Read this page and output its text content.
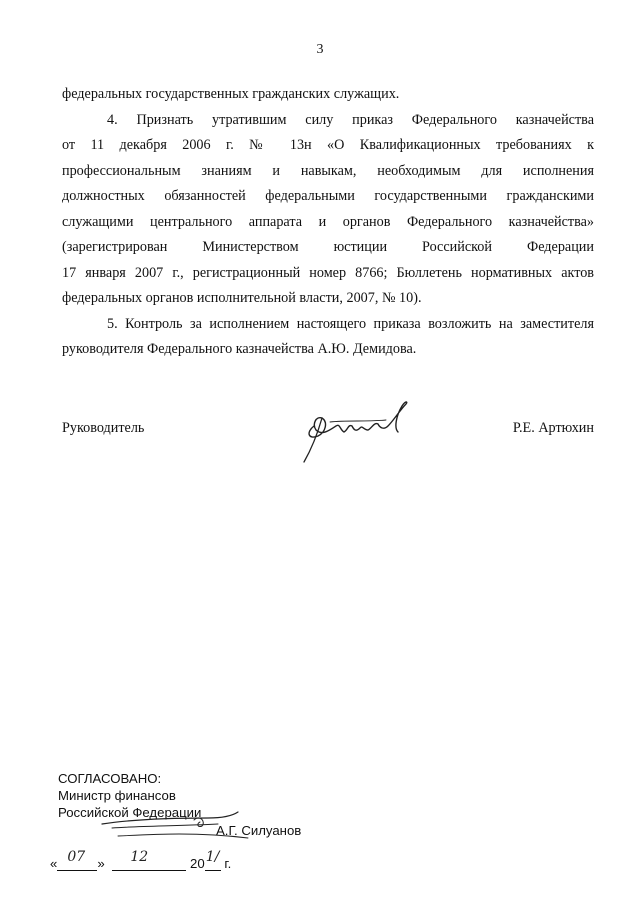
3
федеральных государственных гражданских служащих.
4. Признать утратившим силу приказ Федерального казначейства
от 11 декабря 2006 г. № 13н «О Квалификационных требованиях к
профессиональным знаниям и навыкам, необходимым для исполнения
должностных обязанностей федеральными государственными гражданскими
служащими центрального аппарата и органов Федерального казначейства»
(зарегистрирован Министерством юстиции Российской Федерации
17 января 2007 г., регистрационный номер 8766; Бюллетень нормативных актов
федеральных органов исполнительной власти, 2007, № 10).
5. Контроль за исполнением настоящего приказа возложить на заместителя
руководителя Федерального казначейства А.Ю. Демидова.
Руководитель	Р.Е. Артюхин
СОГЛАСОВАНО:
Министр финансов
Российской Федерации
А.Г. Силуанов
« 07 » 12	20 1/ г.
